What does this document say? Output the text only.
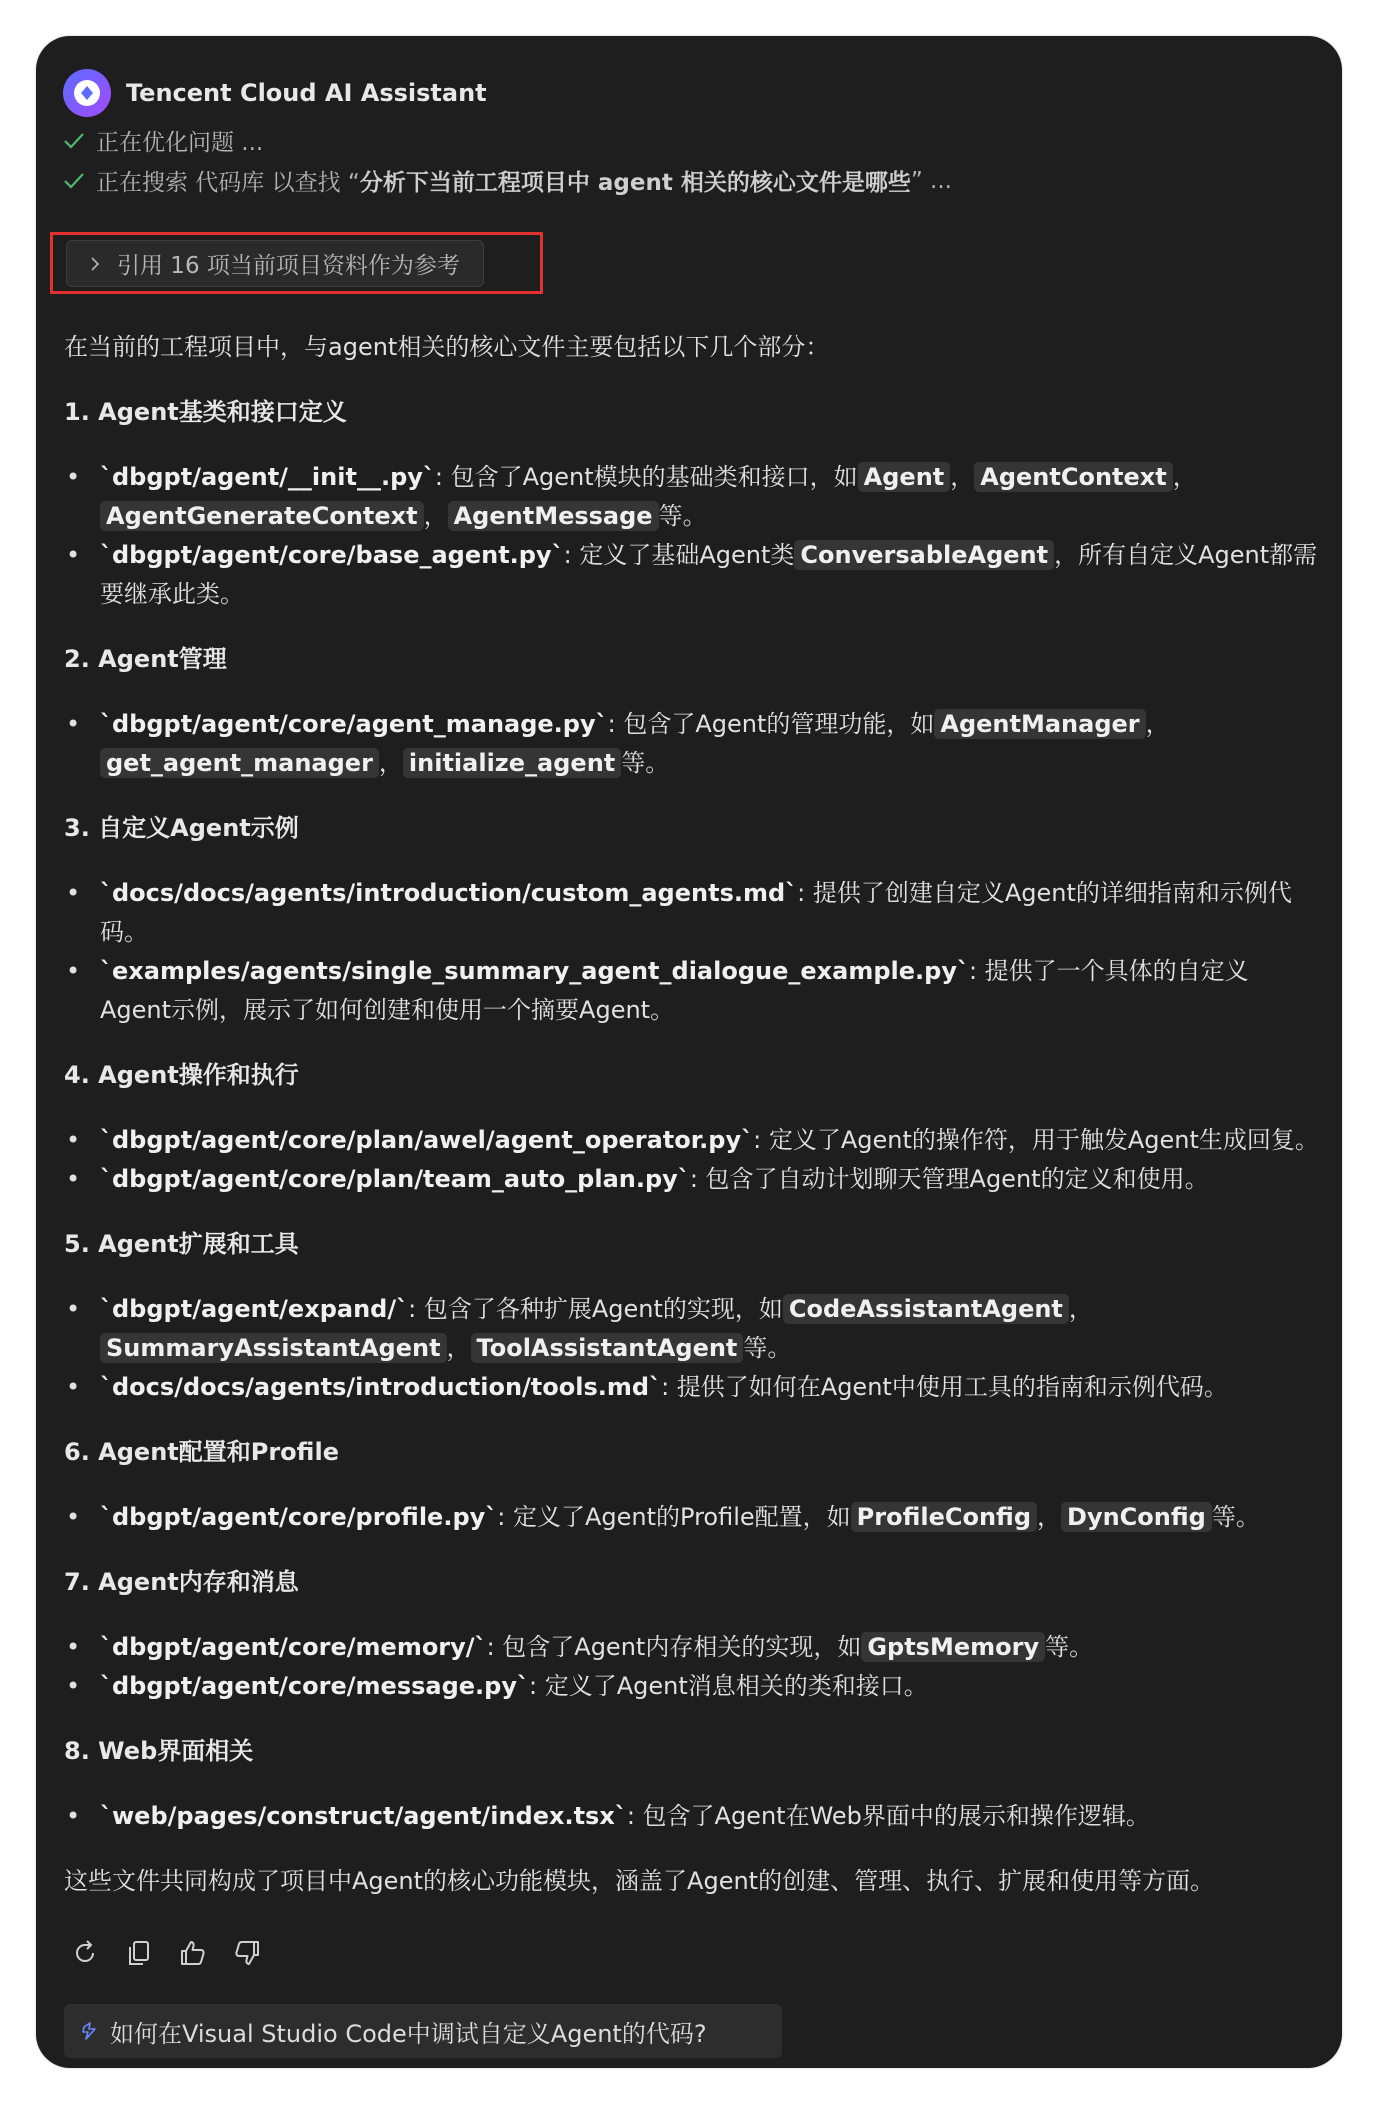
Tencent Cloud AI Assistant
正在优化问题 ...
正在搜索 代码库 以查找 “ 分析下当前工程项目中 agent 相关的核心文件是哪些 ” ...
引用 16 项当前项目资料作为参考

在当前的工程项目中，与agent相关的核心文件主要包括以下几个部分：

1. Agent基类和接口定义

• `dbgpt/agent/__init__.py`: 包含了Agent模块的基础类和接口，如 Agent ， AgentContext ，AgentGenerateContext ， AgentMessage 等。
• `dbgpt/agent/core/base_agent.py`: 定义了基础Agent类 ConversableAgent ，所有自定义Agent都需要继承此类。

2. Agent管理

• `dbgpt/agent/core/agent_manage.py`: 包含了Agent的管理功能，如 AgentManager ，get_agent_manager ， initialize_agent 等。

3. 自定义Agent示例

• `docs/docs/agents/introduction/custom_agents.md`: 提供了创建自定义Agent的详细指南和示例代码。
• `examples/agents/single_summary_agent_dialogue_example.py`: 提供了一个具体的自定义Agent示例，展示了如何创建和使用一个摘要Agent。

4. Agent操作和执行

• `dbgpt/agent/core/plan/awel/agent_operator.py`: 定义了Agent的操作符，用于触发Agent生成回复。
• `dbgpt/agent/core/plan/team_auto_plan.py`: 包含了自动计划聊天管理Agent的定义和使用。

5. Agent扩展和工具

• `dbgpt/agent/expand/`: 包含了各种扩展Agent的实现，如 CodeAssistantAgent ，SummaryAssistantAgent ， ToolAssistantAgent 等。
• `docs/docs/agents/introduction/tools.md`: 提供了如何在Agent中使用工具的指南和示例代码。

6. Agent配置和Profile

• `dbgpt/agent/core/profile.py`: 定义了Agent的Profile配置，如 ProfileConfig ， DynConfig 等。

7. Agent内存和消息

• `dbgpt/agent/core/memory/`: 包含了Agent内存相关的实现，如 GptsMemory 等。
• `dbgpt/agent/core/message.py`: 定义了Agent消息相关的类和接口。

8. Web界面相关

• `web/pages/construct/agent/index.tsx`: 包含了Agent在Web界面中的展示和操作逻辑。

这些文件共同构成了项目中Agent的核心功能模块，涵盖了Agent的创建、管理、执行、扩展和使用等方面。

如何在Visual Studio Code中调试自定义Agent的代码?
